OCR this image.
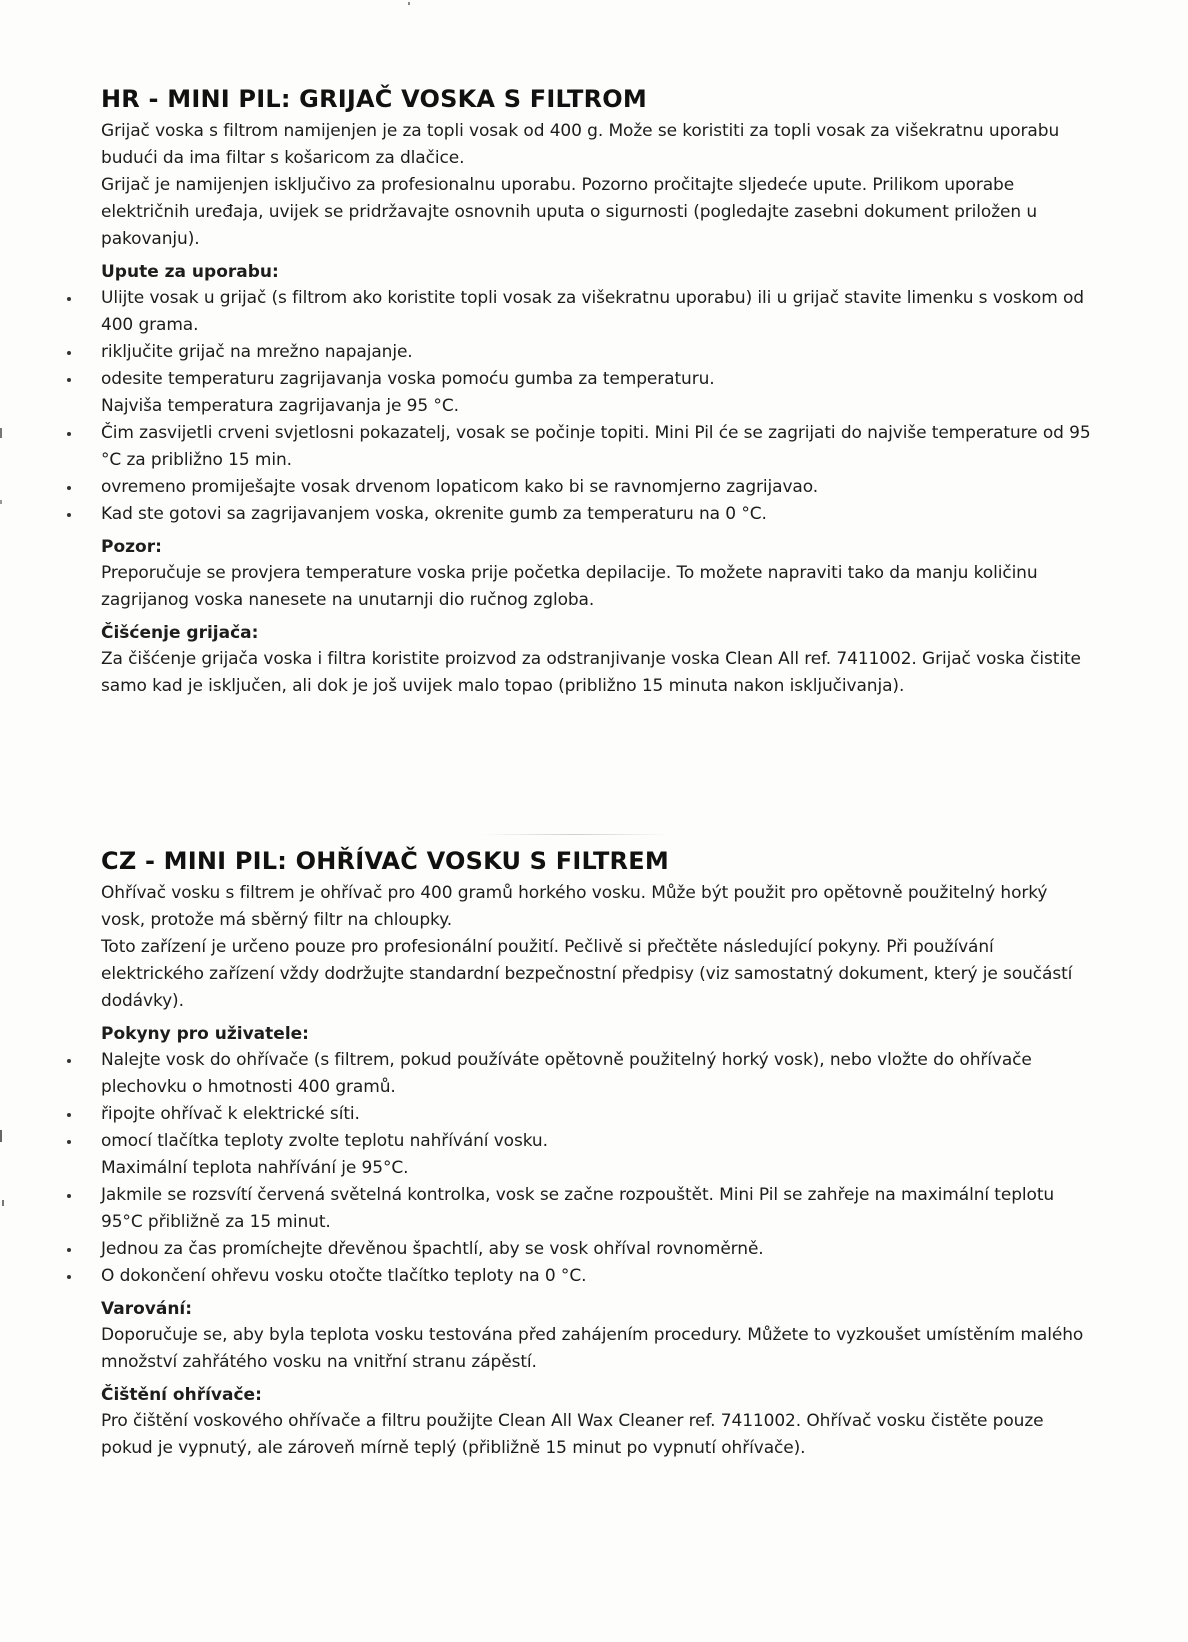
HR - MINI PIL: GRIJAČ VOSKA S FILTROM

Grijač voska s filtrom namijenjen je za topli vosak od 400 g. Može se koristiti za topli vosak za višekratnu uporabu budući da ima filtar s košaricom za dlačice.

Grijač je namijenjen isključivo za profesionalnu uporabu. Pozorno pročitajte sljedeće upute. Prilikom uporabe električnih uređaja, uvijek se pridržavajte osnovnih uputa o sigurnosti (pogledajte zasebni dokument priložen u pakovanju).

Upute za uporabu:
Ulijte vosak u grijač (s filtrom ako koristite topli vosak za višekratnu uporabu) ili u grijač stavite limenku s voskom od 400 grama.
riključite grijač na mrežno napajanje.
odesite temperaturu zagrijavanja voska pomoću gumba za temperaturu.
Najviša temperatura zagrijavanja je 95 °C.
Čim zasvijetli crveni svjetlosni pokazatelj, vosak se počinje topiti. Mini Pil će se zagrijati do najviše temperature od 95 °C za približno 15 min.
ovremeno promiješajte vosak drvenom lopaticom kako bi se ravnomjerno zagrijavao.
Kad ste gotovi sa zagrijavanjem voska, okrenite gumb za temperaturu na 0 °C.
Pozor:

Preporučuje se provjera temperature voska prije početka depilacije. To možete napraviti tako da manju količinu zagrijanog voska nanesete na unutarnji dio ručnog zgloba.

Čišćenje grijača:

Za čišćenje grijača voska i filtra koristite proizvod za odstranjivanje voska Clean All ref. 7411002. Grijač voska čistite samo kad je isključen, ali dok je još uvijek malo topao (približno 15 minuta nakon isključivanja).

CZ - MINI PIL: OHŘÍVAČ VOSKU S FILTREM

Ohřívač vosku s filtrem je ohřívač pro 400 gramů horkého vosku. Může být použit pro opětovně použitelný horký vosk, protože má sběrný filtr na chloupky.

Toto zařízení je určeno pouze pro profesionální použití. Pečlivě si přečtěte následující pokyny. Při používání elektrického zařízení vždy dodržujte standardní bezpečnostní předpisy (viz samostatný dokument, který je součástí dodávky).

Pokyny pro uživatele:
Nalejte vosk do ohřívače (s filtrem, pokud používáte opětovně použitelný horký vosk), nebo vložte do ohřívače plechovku o hmotnosti 400 gramů.
řipojte ohřívač k elektrické síti.
omocí tlačítka teploty zvolte teplotu nahřívání vosku.
Maximální teplota nahřívání je 95°C.
Jakmile se rozsvítí červená světelná kontrolka, vosk se začne rozpouštět. Mini Pil se zahřeje na maximální teplotu 95°C přibližně za 15 minut.
Jednou za čas promíchejte dřevěnou špachtlí, aby se vosk ohříval rovnoměrně.
O dokončení ohřevu vosku otočte tlačítko teploty na 0 °C.
Varování:

Doporučuje se, aby byla teplota vosku testována před zahájením procedury. Můžete to vyzkoušet umístěním malého množství zahřátého vosku na vnitřní stranu zápěstí.

Čištění ohřívače:

Pro čištění voskového ohřívače a filtru použijte Clean All Wax Cleaner ref. 7411002. Ohřívač vosku čistěte pouze pokud je vypnutý, ale zároveň mírně teplý (přibližně 15 minut po vypnutí ohřívače).
